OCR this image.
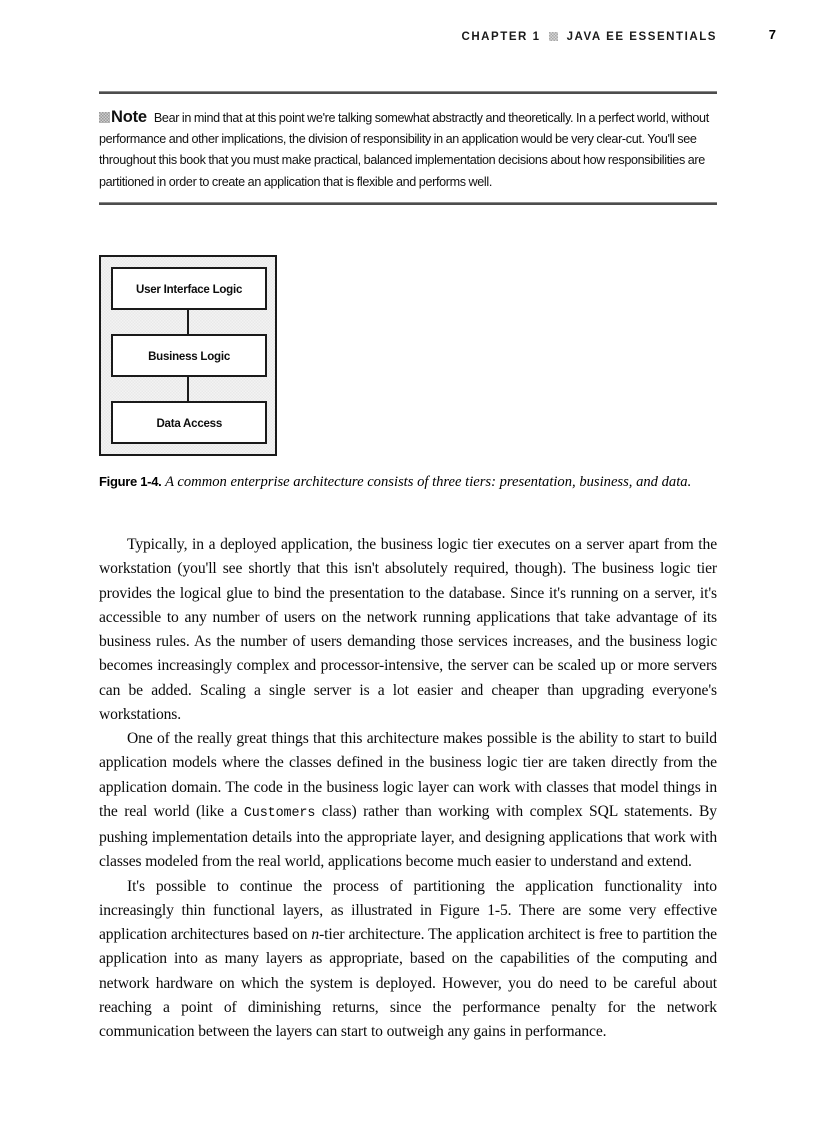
CHAPTER 1 JAVA EE ESSENTIALS	7
Note Bear in mind that at this point we're talking somewhat abstractly and theoretically. In a perfect world, without performance and other implications, the division of responsibility in an application would be very clear-cut. You'll see throughout this book that you must make practical, balanced implementation decisions about how responsibilities are partitioned in order to create an application that is flexible and performs well.
User Interface Logic
Business Logic
Data Access
Figure 1-4. A common enterprise architecture consists of three tiers: presentation, business, and data.

Typically, in a deployed application, the business logic tier executes on a server apart from the workstation (you'll see shortly that this isn't absolutely required, though). The business logic tier provides the logical glue to bind the presentation to the database. Since it's running on a server, it's accessible to any number of users on the network running applications that take advantage of its business rules. As the number of users demanding those services increases, and the business logic becomes increasingly complex and processor-intensive, the server can be scaled up or more servers can be added. Scaling a single server is a lot easier and cheaper than upgrading everyone's workstations.

One of the really great things that this architecture makes possible is the ability to start to build application models where the classes defined in the business logic tier are taken directly from the application domain. The code in the business logic layer can work with classes that model things in the real world (like a Customers class) rather than working with complex SQL statements. By pushing implementation details into the appropriate layer, and designing applications that work with classes modeled from the real world, applications become much easier to understand and extend.

It's possible to continue the process of partitioning the application functionality into increasingly thin functional layers, as illustrated in Figure 1-5. There are some very effective application architectures based on n-tier architecture. The application architect is free to partition the application into as many layers as appropriate, based on the capabilities of the computing and network hardware on which the system is deployed. However, you do need to be careful about reaching a point of diminishing returns, since the performance penalty for the network communication between the layers can start to outweigh any gains in performance.
